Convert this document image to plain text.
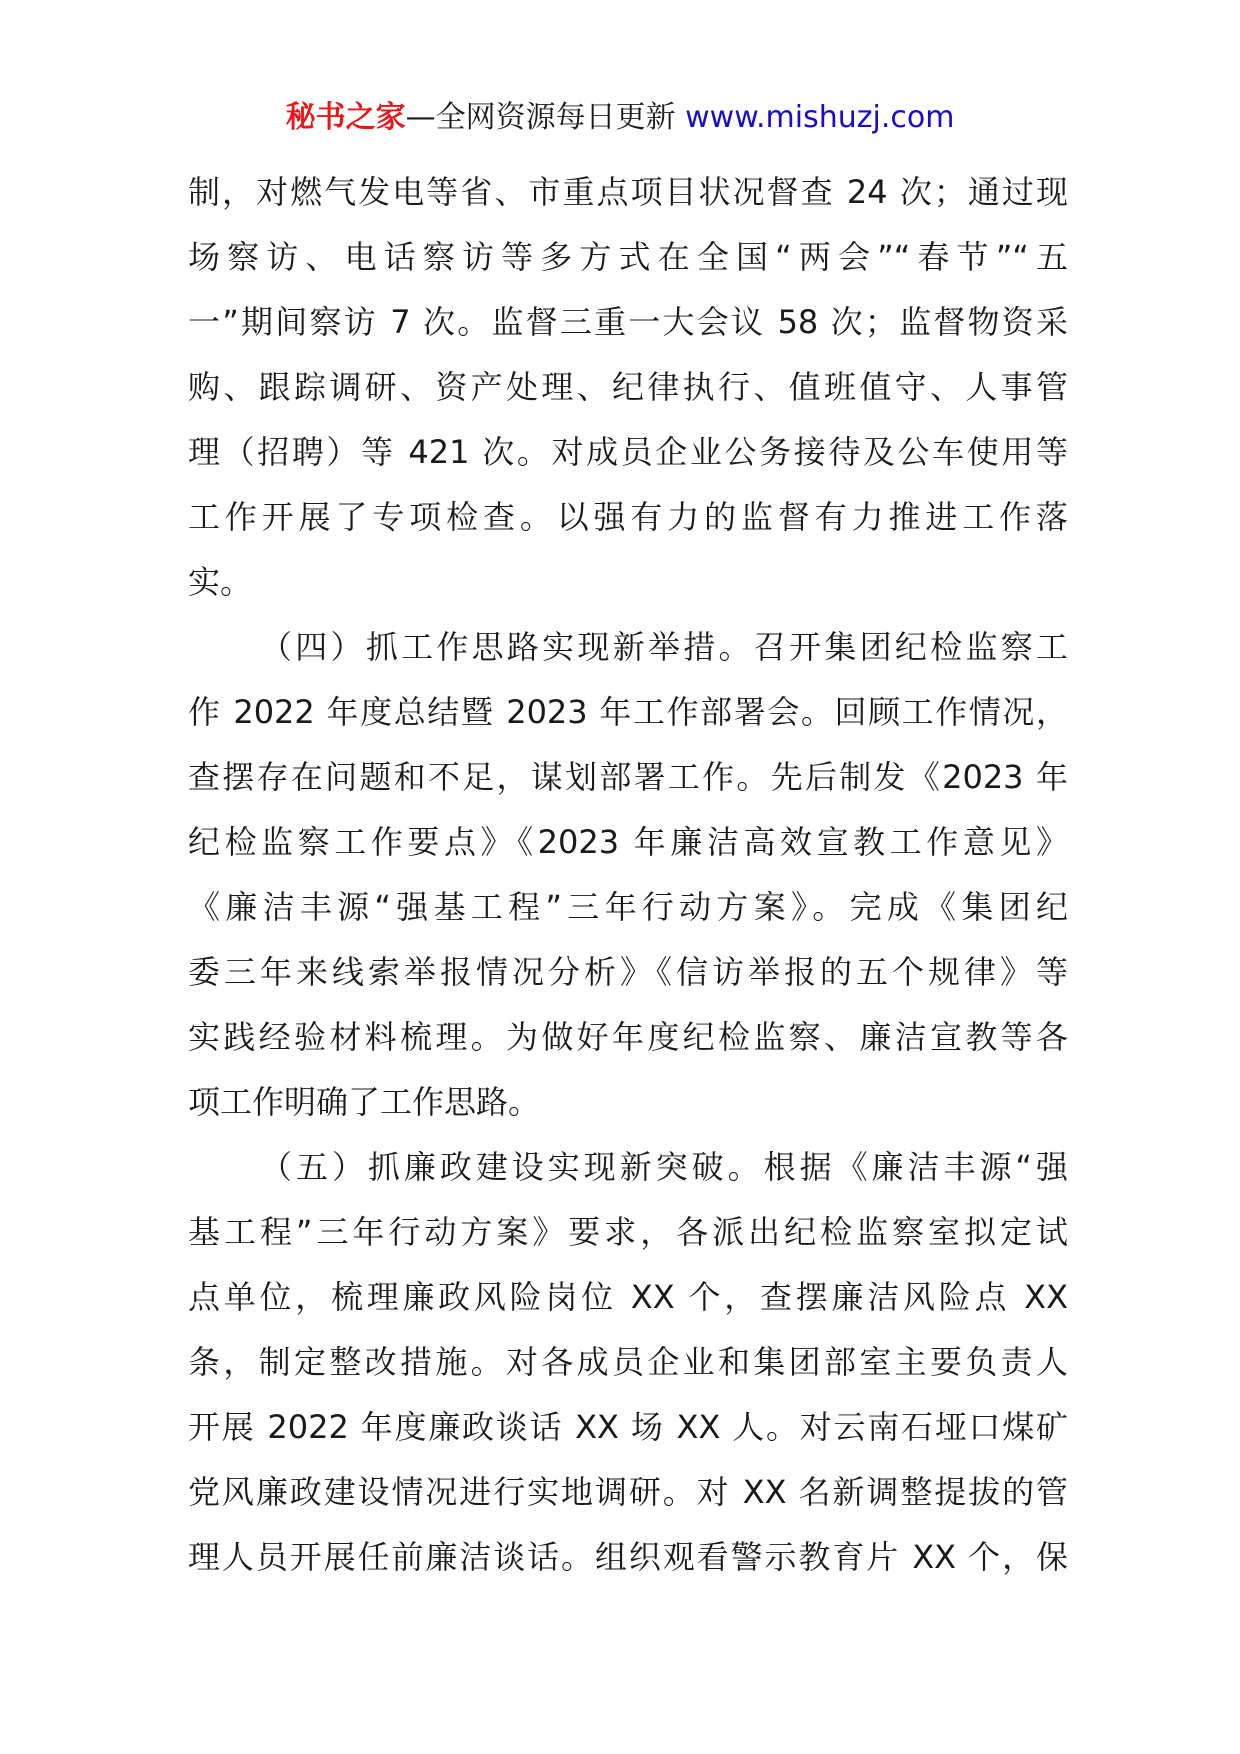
秘书之家—全网资源每日更新 www.mishuzj.com
制，对燃气发电等省、市重点项目状况督查 24 次；通过现
场察访、电话察访等多方式在全国“两会”“春节”“五
一”期间察访 7 次。监督三重一大会议 58 次；监督物资采
购、跟踪调研、资产处理、纪律执行、值班值守、人事管
理（招聘）等 421 次。对成员企业公务接待及公车使用等
工作开展了专项检查。以强有力的监督有力推进工作落
实。
（四）抓工作思路实现新举措。召开集团纪检监察工
作 2022 年度总结暨 2023 年工作部署会。回顾工作情况，
查摆存在问题和不足，谋划部署工作。先后制发《2023 年
纪检监察工作要点》《2023 年廉洁高效宣教工作意见》
《廉洁丰源“强基工程”三年行动方案》。完成《集团纪
委三年来线索举报情况分析》《信访举报的五个规律》等
实践经验材料梳理。为做好年度纪检监察、廉洁宣教等各
项工作明确了工作思路。
（五）抓廉政建设实现新突破。根据《廉洁丰源“强
基工程”三年行动方案》要求，各派出纪检监察室拟定试
点单位，梳理廉政风险岗位 XX 个，查摆廉洁风险点 XX
条，制定整改措施。对各成员企业和集团部室主要负责人
开展 2022 年度廉政谈话 XX 场 XX 人。对云南石垭口煤矿
党风廉政建设情况进行实地调研。对 XX 名新调整提拔的管
理人员开展任前廉洁谈话。组织观看警示教育片 XX 个，保
